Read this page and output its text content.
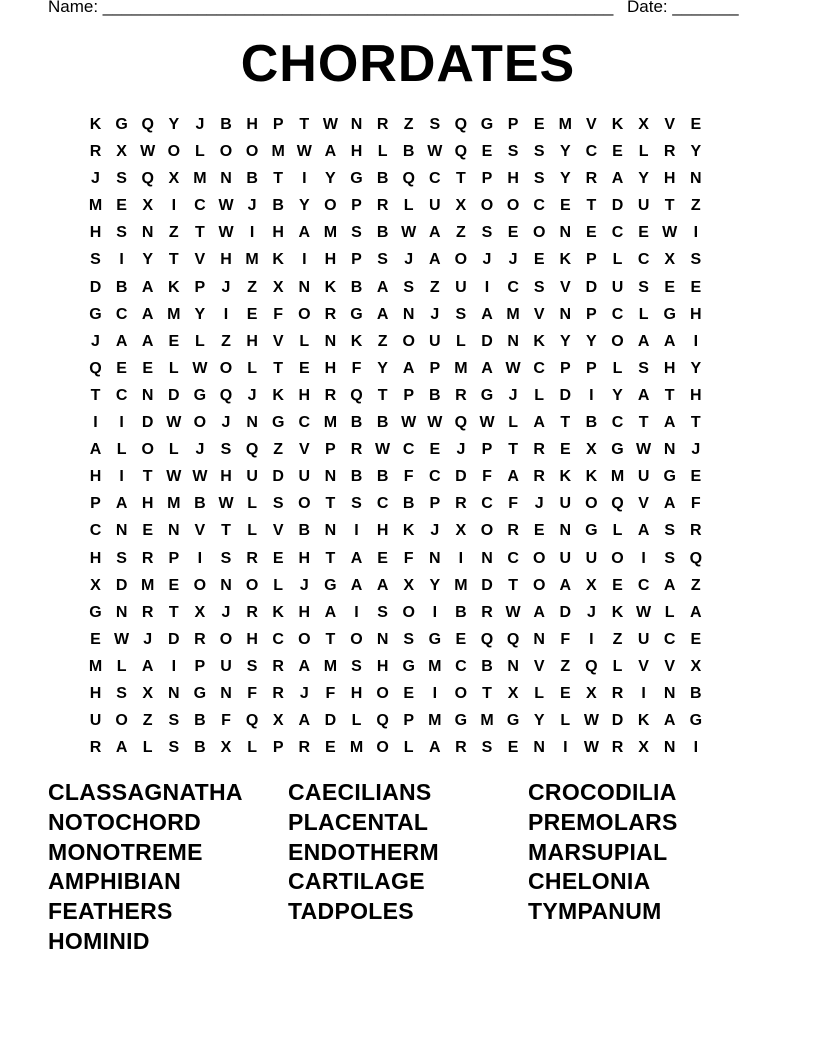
Name: ______________________________________________________ Date: _______
CHORDATES
K G Q Y	J B H P T W N R Z S Q G P E M V K X V E
R X W O L O O M W A H L B W Q E S S Y C E L R Y
J	S Q X M N B T	I	Y G B Q C T P H S Y R A Y H N
M E X	I	C W J B Y O P R L U X O O C E T D U T	Z
H S N Z	T W	I	H A M S B W A Z S E O N E C E W	I
S	I	Y T V H M K	I	H P S	J A O J	J	E K P L C X S
D B A K P	J	Z X N K B A S Z U	I	C S V D U S E E
G C A M Y	I	E F O R G A N J	S A M V N P C L G H
J A A E L	Z H V L N K Z O U L D N K Y Y O A A	I
Q E E L W O L	T E H F Y A P M A W C P P L S H Y
T C N D G Q J K H R Q T P B R G J	L D	I	Y A T H
I	I	D W O J N G C M B B W W Q W L A T B C T A T
A L O L	J	S Q Z V P R W C E	J	P T R E X G W N J
H	I	T W W H U D U N B B F C D F A R K K M U G E
P A H M B W L S O T S C B P R C F	J U O Q V A F
C N E N V T	L V B N	I	H K J	X O R E N G L A S R
H S R P	I	S R E H T A E F N	I	N C O U U O	I	S Q
X D M E O N O L	J G A A X Y M D T O A X E C A Z
G N R T X	J R K H A	I	S O	I	B R W A D J K W L A
E W J D R O H C O T O N S G E Q Q N F	I	Z U C E
M L A	I	P U S R A M S H G M C B N V Z Q L V V X
H S X N G N F R J	F H O E	I	O T X L E X R	I	N B
U O Z S B F Q X A D L Q P M G M G Y L W D K A G
R A L S B X L P R E M O L A R S E N	I	W R X N	I
CLASSAGNATHA CAECILIANS	CROCODILIA
NOTOCHORD	PLACENTAL	PREMOLARS
MONOTREME	ENDOTHERM	MARSUPIAL
AMPHIBIAN	CARTILAGE	CHELONIA
FEATHERS	TADPOLES	TYMPANUM
HOMINID
